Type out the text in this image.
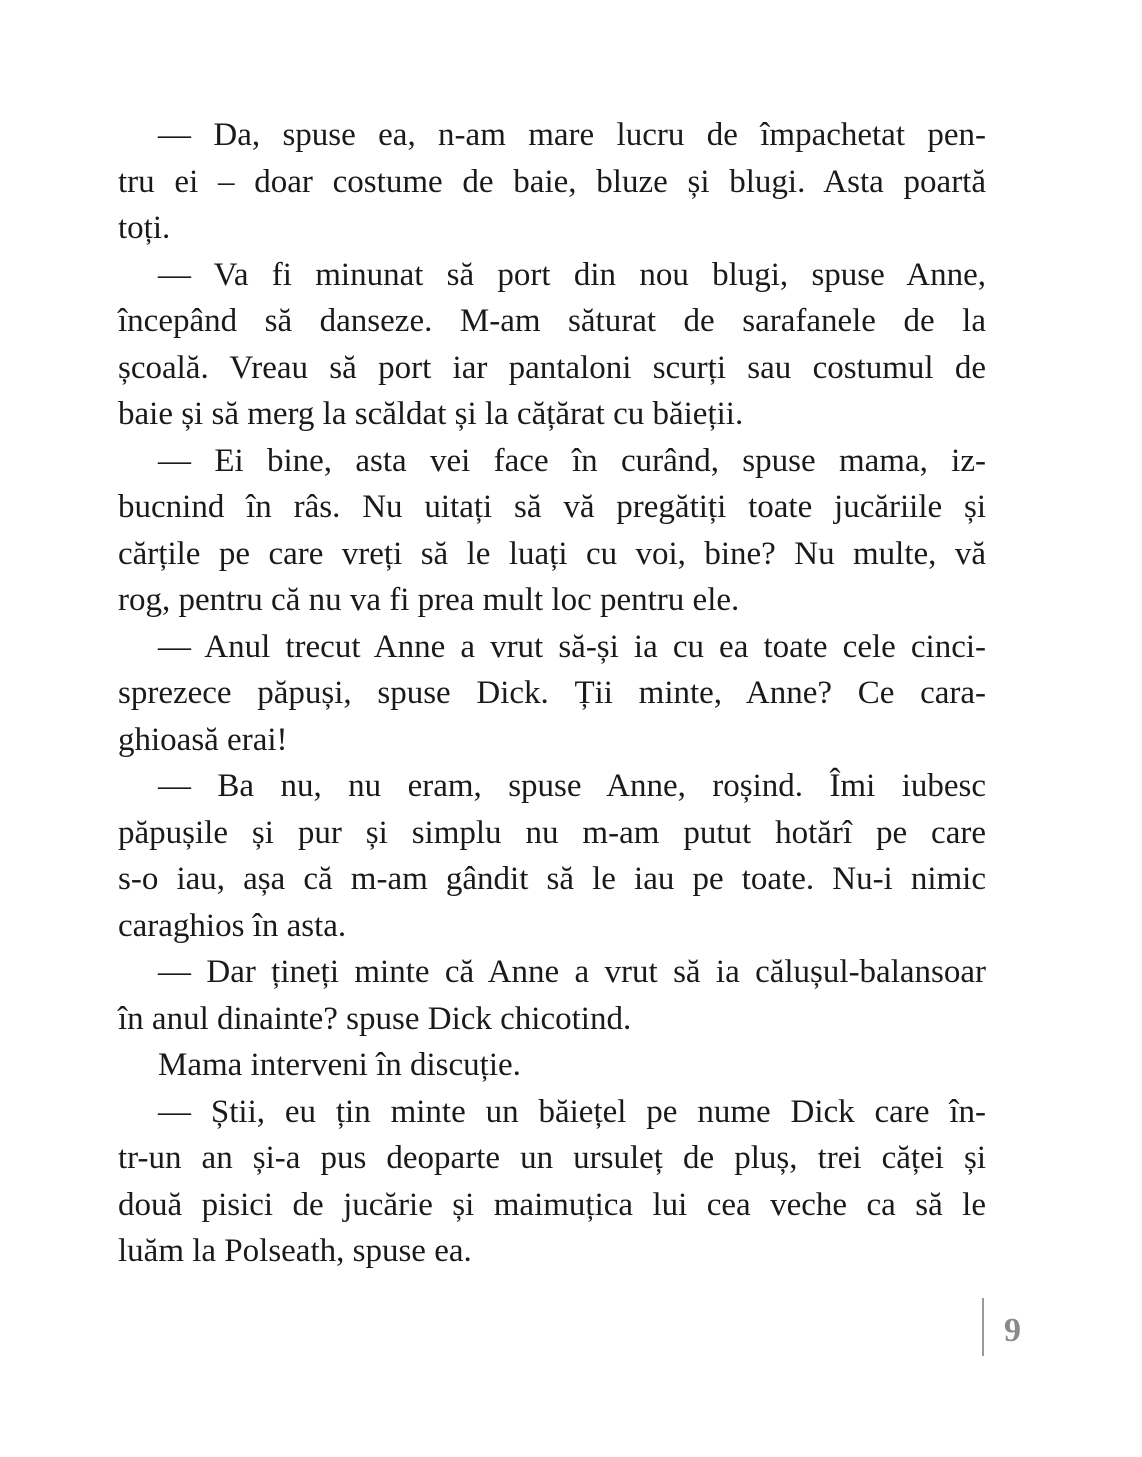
— Da, spuse ea, n-am mare lucru de împachetat pen-
tru ei – doar costume de baie, bluze și blugi. Asta poartă
toți.
— Va fi minunat să port din nou blugi, spuse Anne,
începând să danseze. M-am săturat de sarafanele de la
școală. Vreau să port iar pantaloni scurți sau costumul de
baie și să merg la scăldat și la cățărat cu băieții.
— Ei bine, asta vei face în curând, spuse mama, iz-
bucnind în râs. Nu uitați să vă pregătiți toate jucăriile și
cărțile pe care vreți să le luați cu voi, bine? Nu multe, vă
rog, pentru că nu va fi prea mult loc pentru ele.
— Anul trecut Anne a vrut să-și ia cu ea toate cele cinci-
sprezece păpuși, spuse Dick. Ții minte, Anne? Ce cara-
ghioasă erai!
— Ba nu, nu eram, spuse Anne, roșind. Îmi iubesc
păpușile și pur și simplu nu m-am putut hotărî pe care
s-o iau, așa că m-am gândit să le iau pe toate. Nu-i nimic
caraghios în asta.
— Dar țineți minte că Anne a vrut să ia călușul-balansoar
în anul dinainte? spuse Dick chicotind.
Mama interveni în discuție.
— Știi, eu țin minte un băiețel pe nume Dick care în-
tr-un an și-a pus deoparte un ursuleț de pluș, trei căței și
două pisici de jucărie și maimuțica lui cea veche ca să le
luăm la Polseath, spuse ea.
9
